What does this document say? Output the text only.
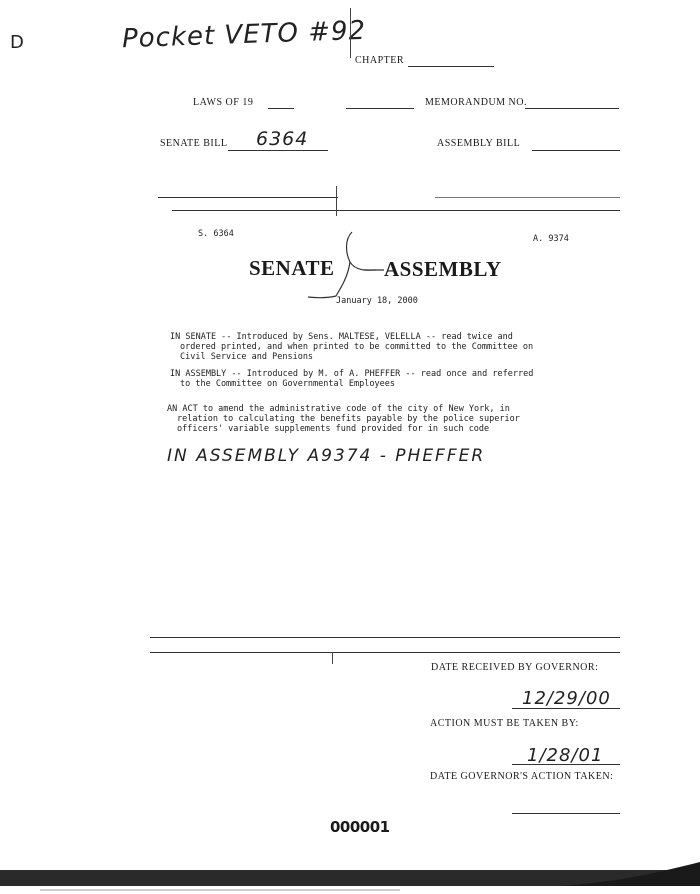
D	Pocket VETO #92
CHAPTER
LAWS OF 19	MEMORANDUM NO.
SENATE BILL 6364	ASSEMBLY BILL
S. 6364	A. 9374
SENATE ASSEMBLY
January 18, 2000
IN SENATE -- Introduced by Sens. MALTESE, VELELLA -- read twice and
ordered printed, and when printed to be committed to the Committee on
Civil Service and Pensions
IN ASSEMBLY -- Introduced by M. of A. PHEFFER -- read once and referred
to the Committee on Governmental Employees
AN ACT to amend the administrative code of the city of New York, in
relation to calculating the benefits payable by the police superior
officers' variable supplements fund provided for in such code
IN ASSEMBLY A9374 - PHEFFER
DATE RECEIVED BY GOVERNOR:
12/29/00
ACTION MUST BE TAKEN BY:
1/28/01
DATE GOVERNOR'S ACTION TAKEN:
000001
